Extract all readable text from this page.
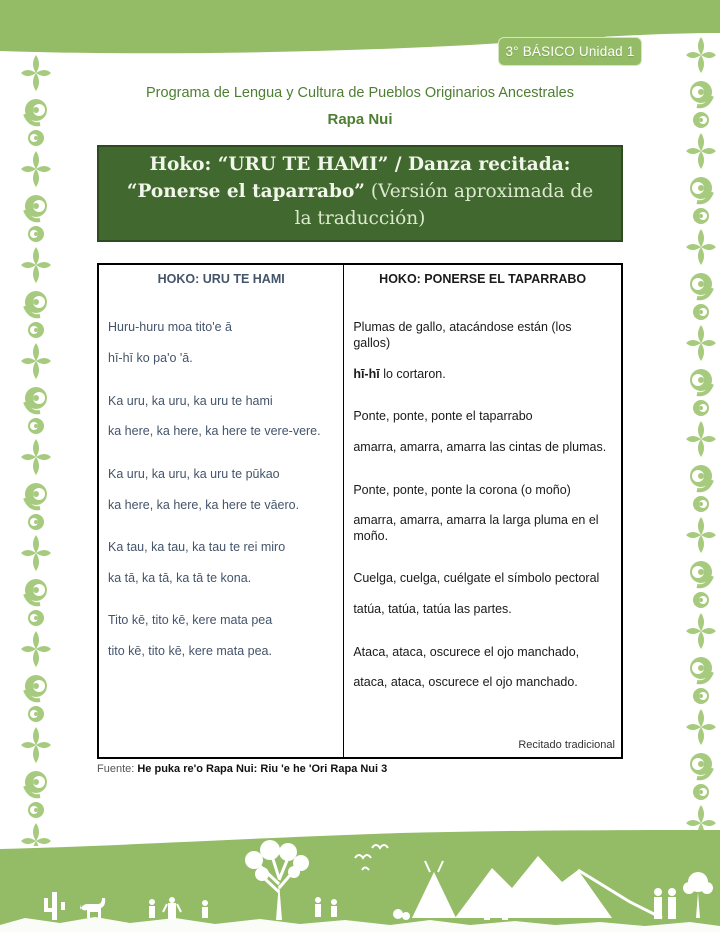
3° BÁSICO Unidad 1

Programa de Lengua y Cultura de Pueblos Originarios Ancestrales

Rapa Nui

Hoko: “URU TE HAMI” / Danza recitada: “Ponerse el taparrabo” (Versión aproximada de la traducción)
HOKO: URU TE HAMI

Huru-huru moa tito'e ā

hī-hī ko pa'o 'ā.

Ka uru, ka uru, ka uru te hami

ka here, ka here, ka here te vere-vere.

Ka uru, ka uru, ka uru te pūkao

ka here, ka here, ka here te vāero.

Ka tau, ka tau, ka tau te rei miro

ka tā, ka tā, ka tā te kona.

Tito kē, tito kē, kere mata pea

tito kē, tito kē, kere mata pea.

HOKO: PONERSE EL TAPARRABO

Plumas de gallo, atacándose están (los gallos)

hī-hī lo cortaron.

Ponte, ponte, ponte el taparrabo

amarra, amarra, amarra las cintas de plumas.

Ponte, ponte, ponte la corona (o moño)

amarra, amarra, amarra la larga pluma en el moño.

Cuelga, cuelga, cuélgate el símbolo pectoral

tatúa, tatúa, tatúa las partes.

Ataca, ataca, oscurece el ojo manchado,

ataca, ataca, oscurece el ojo manchado.

Recitado tradicional

Fuente: He puka re'o Rapa Nui: Riu 'e he 'Ori Rapa Nui 3
